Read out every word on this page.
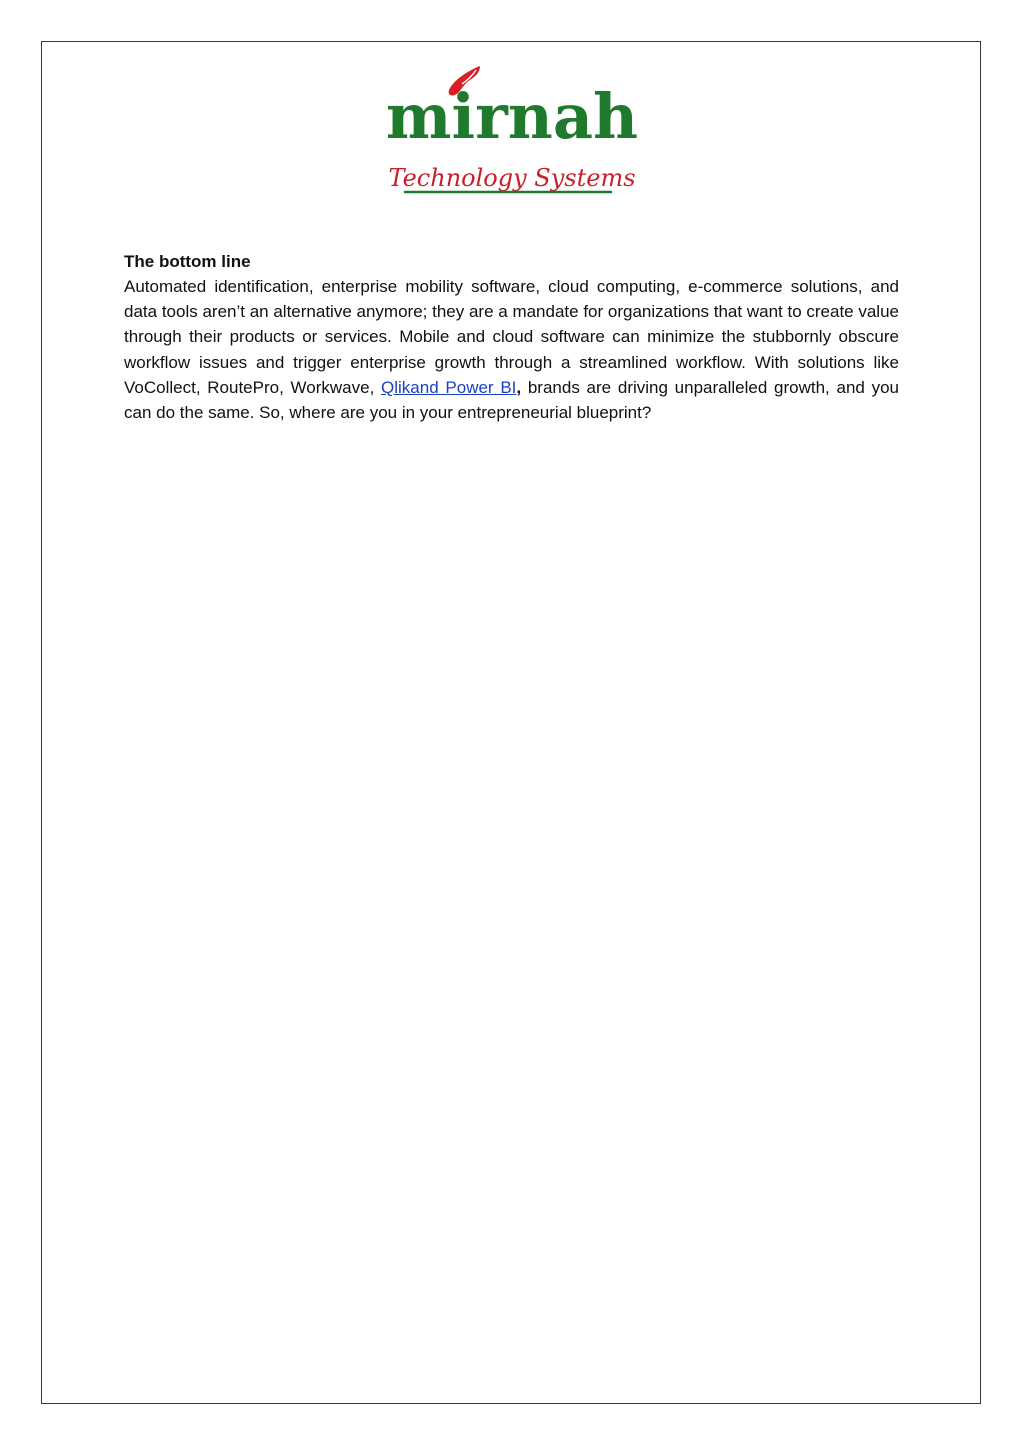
mirnah
Technology Systems

The bottom line

Automated identification, enterprise mobility software, cloud computing, e-commerce solutions, and data tools aren’t an alternative anymore; they are a mandate for organizations that want to create value through their products or services. Mobile and cloud software can minimize the stubbornly obscure workflow issues and trigger enterprise growth through a streamlined workflow. With solutions like VoCollect, RoutePro, Workwave, Qlikand Power BI, brands are driving unparalleled growth, and you can do the same. So, where are you in your entrepreneurial blueprint?
